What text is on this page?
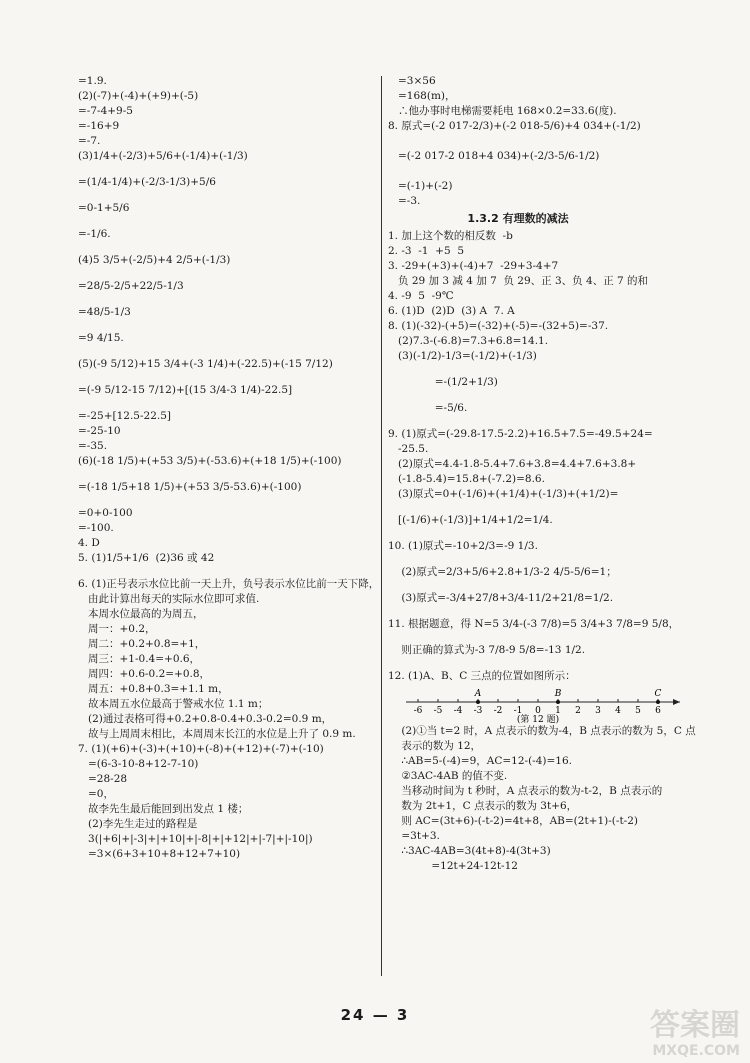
=1.9.
(2)(-7)+(-4)+(+9)+(-5)
=-7-4+9-5
=-16+9
=-7.
(3)1/4+(-2/3)+5/6+(-1/4)+(-1/3)
=(1/4-1/4)+(-2/3-1/3)+5/6
=0-1+5/6
=-1/6.
(4)5 3/5+(-2/5)+4 2/5+(-1/3)
=28/5-2/5+22/5-1/3
=48/5-1/3
=9 4/15.
(5)(-9 5/12)+15 3/4+(-3 1/4)+(-22.5)+(-15 7/12)
=(-9 5/12-15 7/12)+[(15 3/4-3 1/4)-22.5]
=-25+[12.5-22.5]
=-25-10
=-35.
(6)(-18 1/5)+(+53 3/5)+(-53.6)+(+18 1/5)+(-100)
=(-18 1/5+18 1/5)+(+53 3/5-53.6)+(-100)
=0+0-100
=-100.
4. D
5. (1)1/5+1/6  (2)36 或 42
6. (1)正号表示水位比前一天上升，负号表示水位比前一天下降，
由此计算出每天的实际水位即可求值.
本周水位最高的为周五，
周一：+0.2，
周二：+0.2+0.8=+1，
周三：+1-0.4=+0.6，
周四：+0.6-0.2=+0.8，
周五：+0.8+0.3=+1.1 m，
故本周五水位最高于警戒水位 1.1 m；
(2)通过表格可得+0.2+0.8-0.4+0.3-0.2=0.9 m，
故与上周周末相比，本周周末长江的水位是上升了 0.9 m.
7. (1)(+6)+(-3)+(+10)+(-8)+(+12)+(-7)+(-10)
=(6-3-10-8+12-7-10)
=28-28
=0，
故李先生最后能回到出发点 1 楼；
(2)李先生走过的路程是
3(|+6|+|-3|+|+10|+|-8|+|+12|+|-7|+|-10|)
=3×(6+3+10+8+12+7+10)
=3×56
=168(m)，
∴他办事时电梯需要耗电 168×0.2=33.6(度).
8. 原式=(-2 017-2/3)+(-2 018-5/6)+4 034+(-1/2)
=(-2 017-2 018+4 034)+(-2/3-5/6-1/2)
=(-1)+(-2)
=-3.
1.3.2 有理数的减法
1. 加上这个数的相反数  -b
2. -3  -1  +5  5
3. -29+(+3)+(-4)+7  -29+3-4+7
负 29 加 3 减 4 加 7  负 29、正 3、负 4、正 7 的和
4. -9  5  -9℃
6. (1)D  (2)D  (3) A  7. A
8. (1)(-32)-(+5)=(-32)+(-5)=-(32+5)=-37.
(2)7.3-(-6.8)=7.3+6.8=14.1.
(3)(-1/2)-1/3=(-1/2)+(-1/3)
=-(1/2+1/3)
=-5/6.
9. (1)原式=(-29.8-17.5-2.2)+16.5+7.5=-49.5+24=
-25.5.
(2)原式=4.4-1.8-5.4+7.6+3.8=4.4+7.6+3.8+
(-1.8-5.4)=15.8+(-7.2)=8.6.
(3)原式=0+(-1/6)+(+1/4)+(-1/3)+(+1/2)=
[(-1/6)+(-1/3)]+1/4+1/2=1/4.
10. (1)原式=-10+2/3=-9 1/3.
(2)原式=2/3+5/6+2.8+1/3-2 4/5-5/6=1；
(3)原式=-3/4+27/8+3/4-11/2+21/8=1/2.
11. 根据题意，得 N=5 3/4-(-3 7/8)=5 3/4+3 7/8=9 5/8，
则正确的算式为-3 7/8-9 5/8=-13 1/2.
12. (1)A、B、C 三点的位置如图所示：
-6 -5 -4 -3 -2 -1 0 1 2 3 4 5 6
A	B	C
(第 12 题)
(2)①当 t=2 时，A 点表示的数为-4，B 点表示的数为 5，C 点
表示的数为 12，
∴AB=5-(-4)=9，AC=12-(-4)=16.
②3AC-4AB 的值不变.
当移动时间为 t 秒时，A 点表示的数为-t-2，B 点表示的
数为 2t+1，C 点表示的数为 3t+6，
则 AC=(3t+6)-(-t-2)=4t+8，AB=(2t+1)-(-t-2)
=3t+3.
∴3AC-4AB=3(4t+8)-4(3t+3)
=12t+24-12t-12
24 — 3	答案圈
MXQE.COM
